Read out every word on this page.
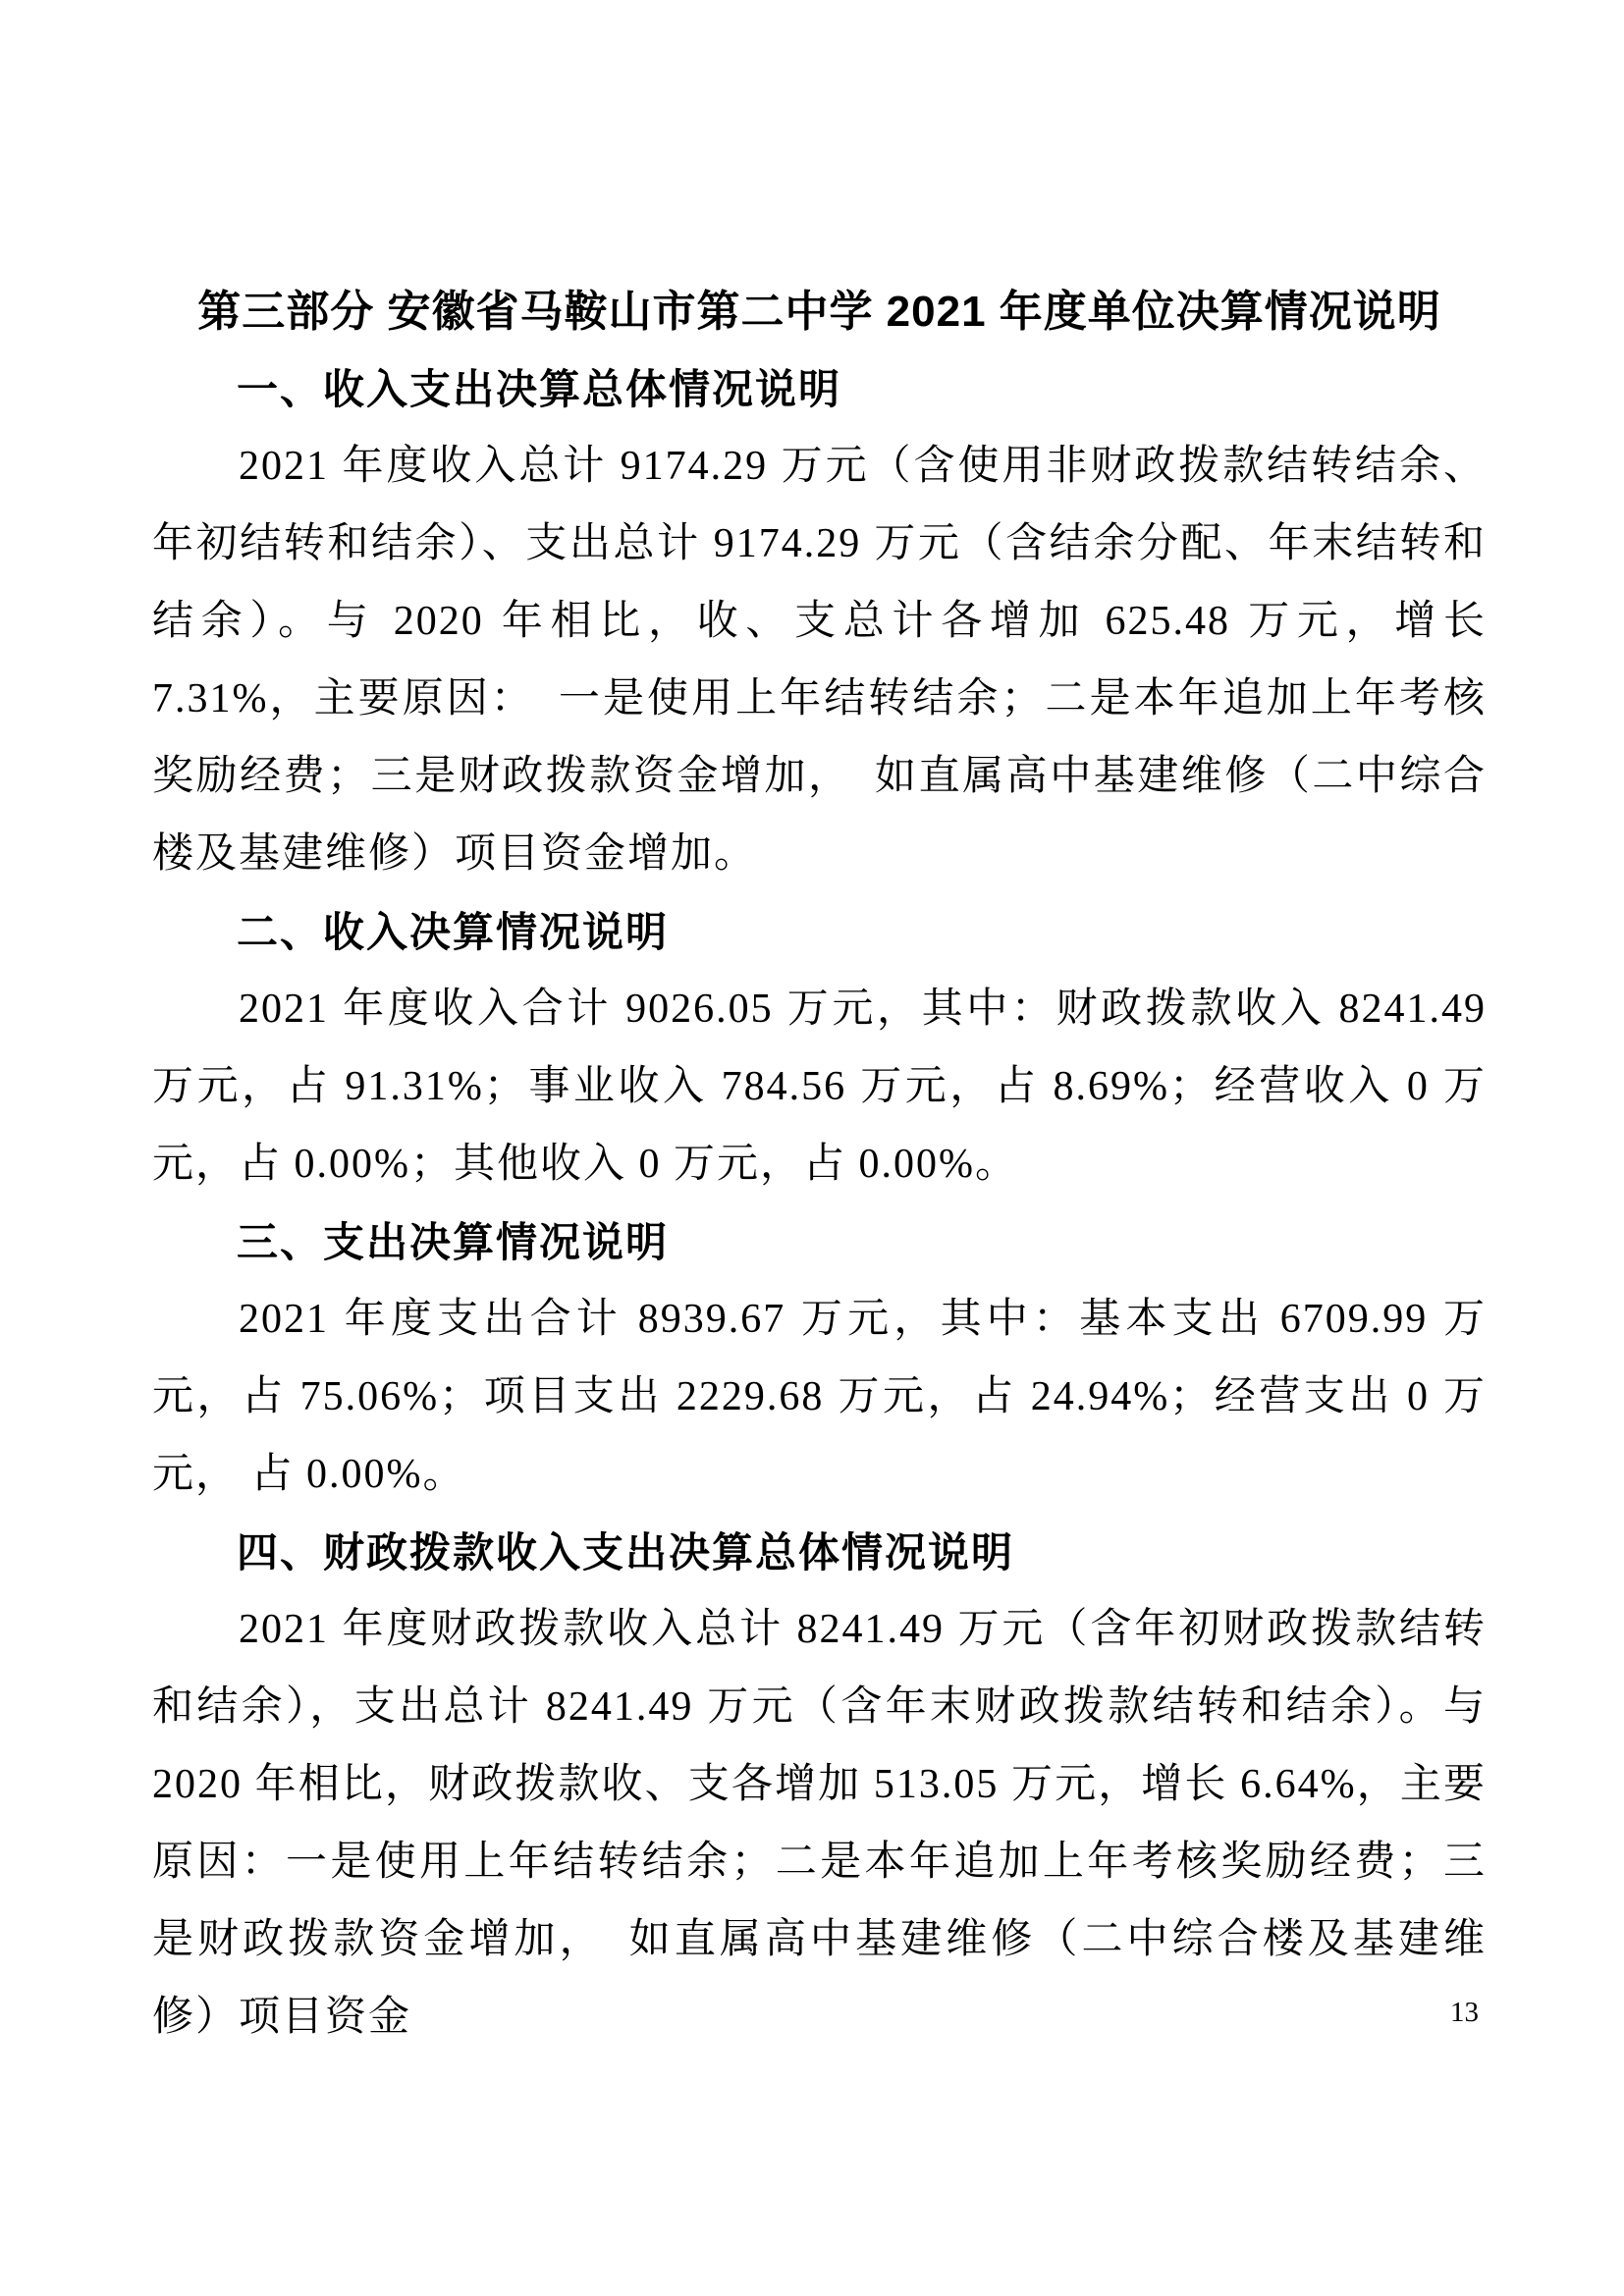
第三部分 安徽省马鞍山市第二中学 2021 年度单位决算情况说明
一、收入支出决算总体情况说明

2021 年度收入总计 9174.29 万元（含使用非财政拨款结转结余、年初结转和结余）、支出总计 9174.29 万元（含结余分配、年末结转和结余）。与 2020 年相比，收、支总计各增加 625.48 万元，增长 7.31%，主要原因：　一是使用上年结转结余；二是本年追加上年考核奖励经费；三是财政拨款资金增加，　如直属高中基建维修（二中综合楼及基建维修）项目资金增加。

二、收入决算情况说明

2021 年度收入合计 9026.05 万元，其中：财政拨款收入 8241.49 万元，占 91.31%；事业收入 784.56 万元，占 8.69%；经营收入 0 万元，占 0.00%；其他收入 0 万元，占 0.00%。

三、支出决算情况说明

2021 年度支出合计 8939.67 万元，其中：基本支出 6709.99 万元，占 75.06%；项目支出 2229.68 万元，占 24.94%；经营支出 0 万元， 占 0.00%。

四、财政拨款收入支出决算总体情况说明

2021 年度财政拨款收入总计 8241.49 万元（含年初财政拨款结转和结余），支出总计 8241.49 万元（含年末财政拨款结转和结余）。与 2020 年相比，财政拨款收、支各增加 513.05 万元，增长 6.64%，主要原因：一是使用上年结转结余；二是本年追加上年考核奖励经费；三是财政拨款资金增加，　如直属高中基建维修（二中综合楼及基建维修）项目资金	13
